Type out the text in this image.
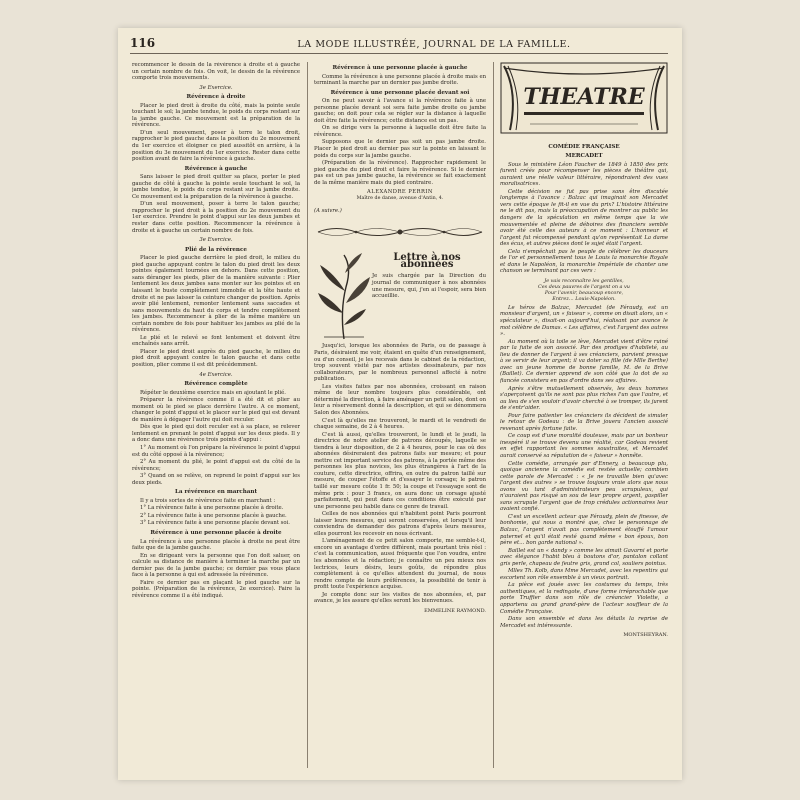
116	LA MODE ILLUSTRÉE, JOURNAL DE LA FAMILLE.

recommencer le dessin de la révérence à droite et à gauche un certain nombre de fois. On voit, le dessin de la révérence comporte trois mouvements.

3e Exercice.
Révérence à droite

Placer le pied droit à droite du côté, mais la pointe seule touchant le sol; la jambe tendue, le poids du corps restant sur la jambe gauche. Ce mouvement est la préparation de la révérence.

D'un seul mouvement, poser à terre le talon droit, rapprocher le pied gauche dans la position du 2e mouvement du 1er exercice et éloigner ce pied aussitôt en arrière, à la position du 3e mouvement du 1er exercice. Rester dans cette position avant de faire la révérence à gauche.

Révérence à gauche

Sans laisser le pied droit quitter sa place, porter le pied gauche de côté à gauche la pointe seule touchant le sol, la jambe tendue, le poids du corps restant sur la jambe droite. Ce mouvement est la préparation de la révérence à gauche.

D'un seul mouvement, poser à terre le talon gauche; rapprocher le pied droit à la position du 2e mouvement du 1er exercice. Prendre le point d'appui sur les deux jambes et rester dans cette position. Recommencer la révérence à droite et à gauche un certain nombre de fois.

3e Exercice.
Plié de la révérence

Placer le pied gauche derrière le pied droit, le milieu du pied gauche appuyant contre le talon du pied droit les deux pointes également tournées en dehors. Dans cette position, sans déranger les pieds, plier de la manière suivante : Plier lentement les deux jambes sans monter sur les pointes et en laissant le buste complètement immobile et la tête haute et droite et ne pas laisser la ceinture changer de position. Après avoir plié lentement, remonter lentement sans saccades et sans mouvements du haut du corps et tendre complètement les jambes. Recommencer à plier de la même manière un certain nombre de fois pour habituer les jambes au plié de la révérence.

Le plié et le relevé se font lentement et doivent être enchaînés sans arrêt.

Placer le pied droit auprès du pied gauche, le milieu du pied droit appuyant contre le talon gauche et dans cette position, plier comme il est dit précédemment.

4e Exercice.
Révérence complète

Répéter le deuxième exercice mais en ajoutant le plié.

Préparer la révérence comme il a été dit et plier au moment où le pied se place derrière l'autre. A ce moment, changer le point d'appui et le placer sur le pied qui est devant de manière à dégager l'autre qui doit reculer.

Dès que le pied qui doit reculer est à sa place, se relever lentement en prenant le point d'appui sur les deux pieds. Il y a donc dans une révérence trois points d'appui :

1° Au moment où l'on prépare la révérence le point d'appui est du côté opposé à la révérence;

2° Au moment du plié, le point d'appui est du côté de la révérence;

3° Quand on se relève, on reprend le point d'appui sur les deux pieds.

La révérence en marchant

Il y a trois sortes de révérence faite en marchant :

1° La révérence faite à une personne placée à droite.

2° La révérence faite à une personne placée à gauche.

3° La révérence faite à une personne placée devant soi.

Révérence à une personne placée à droite

La révérence à une personne placée à droite ne peut être faite que de la jambe gauche.

En se dirigeant vers la personne que l'on doit saluer, on calcule sa distance de manière à terminer la marche par un dernier pas de la jambe gauche; ce dernier pas vous place face à la personne à qui est adressée la révérence.

Faire ce dernier pas en plaçant le pied gauche sur la pointe. (Préparation de la révérence, 2e exercice). Faire la révérence comme il a été indiqué.

Révérence à une personne placée à gauche

Comme la révérence à une personne placée à droite mais en terminant la marche par un dernier pas jambe droite.

Révérence à une personne placée devant soi

On ne peut savoir à l'avance si la révérence faite à une personne placée devant soi sera faite jambe droite ou jambe gauche; on doit pour cela se régler sur la distance à laquelle doit être faite la révérence; cette distance est un pas.

On se dirige vers la personne à laquelle doit être faite la révérence.

Supposons que le dernier pas soit un pas jambe droite. Placer le pied droit au dernier pas sur la pointe en laissant le poids du corps sur la jambe gauche.

(Préparation de la révérence). Rapprocher rapidement le pied gauche du pied droit et faire la révérence. Si le dernier pas est un pas jambe gauche, la révérence se fait exactement de la même manière mais du pied contraire.

ALEXANDRE PERRIN
Maître de danse, avenue d'Antin, 4.
(A suivre.)
Lettre à nos abonnées

Je suis chargée par la Direction du journal de communiquer à nos abonnées une mesure, qui, j'en ai l'espoir, sera bien accueillie.

Jusqu'ici, lorsque les abonnées de Paris, ou de passage à Paris, désiraient me voir, étaient en quête d'un renseignement, ou d'un conseil, je les recevais dans le cabinet de la rédaction, trop souvent visité par nos artistes dessinateurs, par nos collaborateurs, par le nombreux personnel affecté à notre publication.

Les visites faites par nos abonnées, croissant en raison même de leur nombre toujours plus considérable, ont déterminé la direction, à faire aménager un petit salon, dont on leur a réservement donné la description, et qui se dénommera Salon des Abonnées.

C'est là qu'elles me trouveront, le mardi et le vendredi de chaque semaine, de 2 à 4 heures.

C'est là aussi, qu'elles trouveront, le lundi et le jeudi, la directrice de notre atelier de patrons découpés, laquelle se tiendra à leur disposition, de 2 à 4 heures, pour le cas où des abonnées désireraient des patrons faits sur mesure; et pour mettre cet important service des patrons, à la portée même des personnes les plus novices, les plus étrangères à l'art de la couture, cette directrice, offrira, en outre du patron taillé sur mesure, de couper l'étoffe et d'essayer le corsage; le patron taillé sur mesure coûte 1 fr. 50; la coupe et l'essayage sont de même prix : pour 3 francs, on aura donc un corsage ajusté parfaitement, qui peut dans ces conditions être exécuté par une personne peu habile dans ce genre de travail.

Celles de nos abonnées qui n'habitent point Paris pourront laisser leurs mesures, qui seront conservées, et lorsqu'il leur conviendra de demander des patrons d'après leurs mesures, elles pourront les recevoir en nous écrivant.

L'aménagement de ce petit salon comporte, me semble-t-il, encore un avantage d'ordre différent, mais pourtant très réel : c'est la communication, aussi fréquente que l'on voudra, entre les abonnées et la rédaction; je connaître un peu mieux nos lectrices, leurs désirs, leurs goûts, de répondre plus complètement à ce qu'elles attendent du journal, de nous rendre compte de leurs préférences, la possibilité de tenir à profit toute l'expérience acquise.

Je compte donc sur les visites de nos abonnées, et, par avance, je les assure qu'elles seront les bienvenues.

EMMELINE RAYMOND.
THEATRE
COMÉDIE FRANÇAISE
MERCADET

Sous le ministère Léon Faucher de 1849 à 1850 des prix furent créés pour récompenser les pièces de théâtre qui, auraient une réelle valeur littéraire, répondraient des vues moralisatrices.

Cette décision ne fut pas prise sans être discutée longtemps à l'avance : Balzac qui imaginait son Mercadet vers cette époque le fit-il en vue du prix? L'histoire littéraire ne le dit pas, mais la préoccupation de montrer au public les dangers de la spéculation en même temps que la vie mouvementée et pleine de déboires des financiers semble avoir été celle des auteurs à ce moment : L'honneur et l'argent fut récompensé pendant qu'on représentait La dame des écus, et autres pièces dont le sujet était l'argent.

Cela n'empêchait pas le peuple de célébrer les douceurs de l'or et personnellement tous le Louis la monarchie Royale et dans le Napoléon, la monarchie Impériale de chanter une chanson se terminant par ces vers :

Je vais reconnaître les gentilles,
Ces deux pauvres de l'argent on a vu
Pour l'avenir, beaucoup encore,
Entrez… Louis-Napoléon.

Le héros de Balzac, Mercadet (de Féraudy, est un monsieur d'argent, un « faiseur », comme on disait alors, un « spéculateur », disait-on aujourd'hui, réalisant par avance le mot célèbre de Dumas. « Les affaires, c'est l'argent des autres ».

Au moment où la toile se lève, Mercadet vient d'être ruiné par la fuite de son associé. Par des prodiges d'habileté, au lieu de donner de l'argent à ses créanciers, parvient presque à se servir de leur argent; il va doter sa fille (de Mlle Berthe) avec un jeune homme de bonne famille, M. de la Brive (Baillet). Ce dernier apprend de son côté que la dot de sa fiancée consistera en pas d'ordre dans ses affaires.

Après s'être mutuellement observés, les deux hommes s'aperçoivent qu'ils ne sont pas plus riches l'un que l'autre, et au lieu de s'en vouloir d'avoir cherché à se tromper, ils jurent de s'entr'aider.

Pour faire patienter les créanciers ils décident de simuler le retour de Godeau : de la Brive jouera l'ancien associé revenant après fortune faite.

Ce coup est d'une moralité douteuse, mais par un bonheur inespéré il se trouve devenu une réalité, car Godeau revient en effet rapportant les sommes soustraites, et Mercadet aurait conservé sa réputation de « faiseur » honnête.

Cette comédie, arrangée par d'Ennery, a beaucoup plu, quoique ancienne la comédie est restée actuelle; combien cette parole de Mercadet : « Je ne travaille bien qu'avec l'argent des autres » se trouve toujours vraie alors que nous avons vu tant d'administrateurs peu scrupuleux, qui n'auraient pas risqué un sou de leur propre argent, gaspiller sans scrupule l'argent que de trop crédules actionnaires leur avaient confié.

C'est un excellent acteur que Féraudy, plein de finesse, de bonhomie, qui nous a montré que, chez le personnage de Balzac, l'argent n'avait pas complètement étouffé l'amour paternel et qu'il était resté quand même « bon époux, bon père et… bon garde national ».

Baillet est un « dandy » comme les aimait Gavarni et porte avec élégance l'habit bleu à boutons d'or, pantalon collant gris perle, chapeau de feutre gris, grand col, souliers pointus.

Mlles Th. Kolb, dans Mme Mercadet, avec les repentirs qui escortent son rôle ensemble à un vieux portrait.

La pièce est jouée avec les costumes du temps, très authentiques, et la redingote, d'une forme irréprochable que porte Truffier dans son rôle de créancier Violette, a appartenu au grand grand-père de l'acteur souffleur de la Comédie Française.

Dans son ensemble et dans les détails la reprise de Mercadet est intéressante.

MONTSHEYRAN.
